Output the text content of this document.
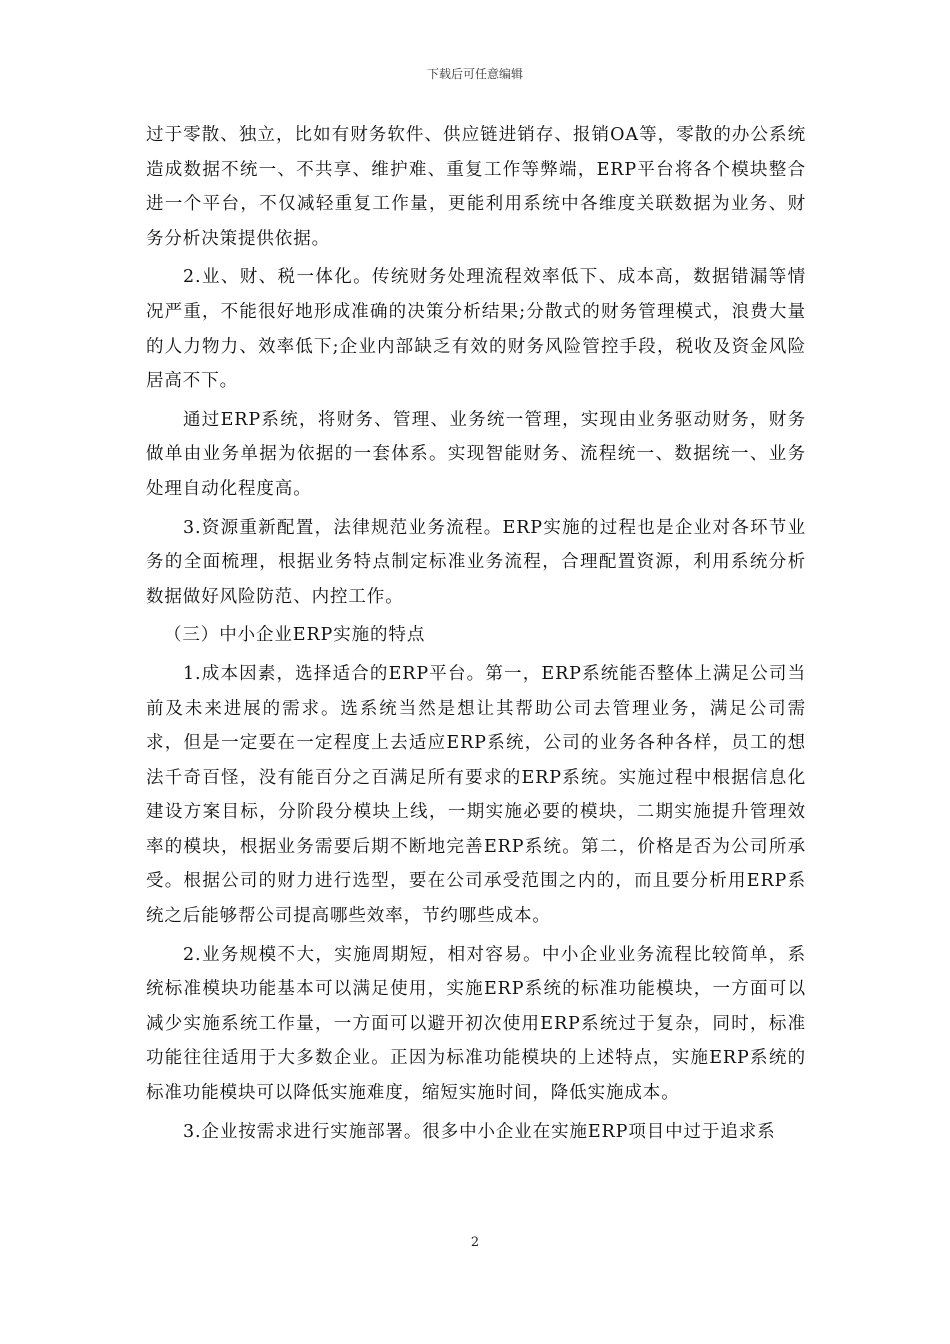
下载后可任意编辑

过于零散、独立，比如有财务软件、供应链进销存、报销OA等，零散的办公系统造成数据不统一、不共享、维护难、重复工作等弊端，ERP平台将各个模块整合进一个平台，不仅减轻重复工作量，更能利用系统中各维度关联数据为业务、财务分析决策提供依据。

2.业、财、税一体化。传统财务处理流程效率低下、成本高，数据错漏等情况严重，不能很好地形成准确的决策分析结果;分散式的财务管理模式，浪费大量的人力物力、效率低下;企业内部缺乏有效的财务风险管控手段，税收及资金风险居高不下。

通过ERP系统，将财务、管理、业务统一管理，实现由业务驱动财务，财务做单由业务单据为依据的一套体系。实现智能财务、流程统一、数据统一、业务处理自动化程度高。

3.资源重新配置，法律规范业务流程。ERP实施的过程也是企业对各环节业务的全面梳理，根据业务特点制定标准业务流程，合理配置资源，利用系统分析数据做好风险防范、内控工作。

（三）中小企业ERP实施的特点

1.成本因素，选择适合的ERP平台。第一，ERP系统能否整体上满足公司当前及未来进展的需求。选系统当然是想让其帮助公司去管理业务，满足公司需求，但是一定要在一定程度上去适应ERP系统，公司的业务各种各样，员工的想法千奇百怪，没有能百分之百满足所有要求的ERP系统。实施过程中根据信息化建设方案目标，分阶段分模块上线，一期实施必要的模块，二期实施提升管理效率的模块，根据业务需要后期不断地完善ERP系统。第二，价格是否为公司所承受。根据公司的财力进行选型，要在公司承受范围之内的，而且要分析用ERP系统之后能够帮公司提高哪些效率，节约哪些成本。

2.业务规模不大，实施周期短，相对容易。中小企业业务流程比较简单，系统标准模块功能基本可以满足使用，实施ERP系统的标准功能模块，一方面可以减少实施系统工作量，一方面可以避开初次使用ERP系统过于复杂，同时，标准功能往往适用于大多数企业。正因为标准功能模块的上述特点，实施ERP系统的标准功能模块可以降低实施难度，缩短实施时间，降低实施成本。

3.企业按需求进行实施部署。很多中小企业在实施ERP项目中过于追求系

2
